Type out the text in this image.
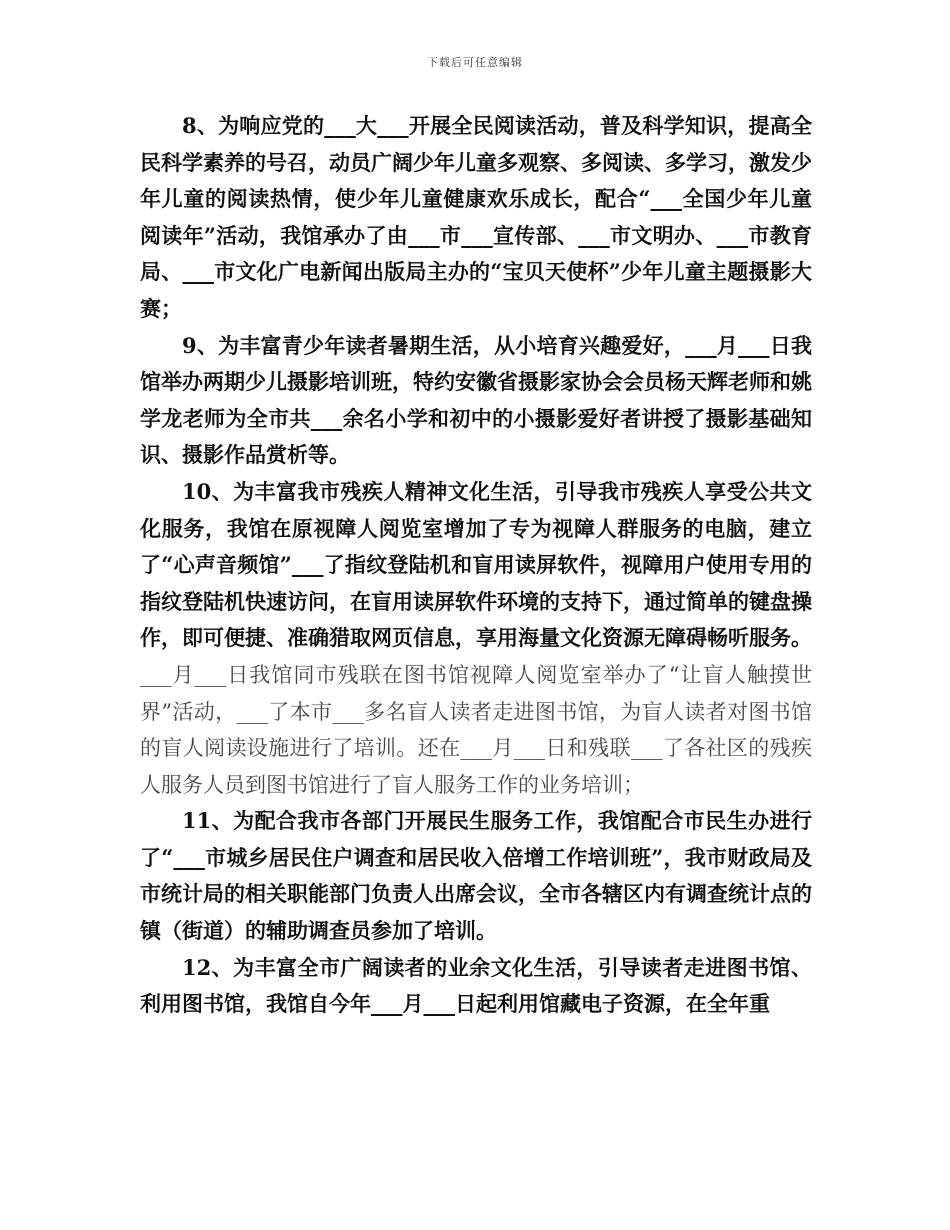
下载后可任意编辑

8、为响应党的___大___开展全民阅读活动，普及科学知识，提高全民科学素养的号召，动员广阔少年儿童多观察、多阅读、多学习，激发少年儿童的阅读热情，使少年儿童健康欢乐成长，配合“___全国少年儿童阅读年”活动，我馆承办了由___市___宣传部、___市文明办、___市教育局、___市文化广电新闻出版局主办的“宝贝天使杯”少年儿童主题摄影大赛；

9、为丰富青少年读者暑期生活，从小培育兴趣爱好，___月___日我馆举办两期少儿摄影培训班，特约安徽省摄影家协会会员杨天辉老师和姚学龙老师为全市共___余名小学和初中的小摄影爱好者讲授了摄影基础知识、摄影作品赏析等。

10、为丰富我市残疾人精神文化生活，引导我市残疾人享受公共文化服务，我馆在原视障人阅览室增加了专为视障人群服务的电脑，建立了“心声音频馆”___了指纹登陆机和盲用读屏软件，视障用户使用专用的指纹登陆机快速访问，在盲用读屏软件环境的支持下，通过简单的键盘操作，即可便捷、准确猎取网页信息，享用海量文化资源无障碍畅听服务。___月___日我馆同市残联在图书馆视障人阅览室举办了“让盲人触摸世界”活动，___了本市___多名盲人读者走进图书馆，为盲人读者对图书馆的盲人阅读设施进行了培训。还在___月___日和残联___了各社区的残疾人服务人员到图书馆进行了盲人服务工作的业务培训；

11、为配合我市各部门开展民生服务工作，我馆配合市民生办进行了“___市城乡居民住户调查和居民收入倍增工作培训班”，我市财政局及市统计局的相关职能部门负责人出席会议，全市各辖区内有调查统计点的镇（街道）的辅助调查员参加了培训。

12、为丰富全市广阔读者的业余文化生活，引导读者走进图书馆、利用图书馆，我馆自今年___月___日起利用馆藏电子资源，在全年重
